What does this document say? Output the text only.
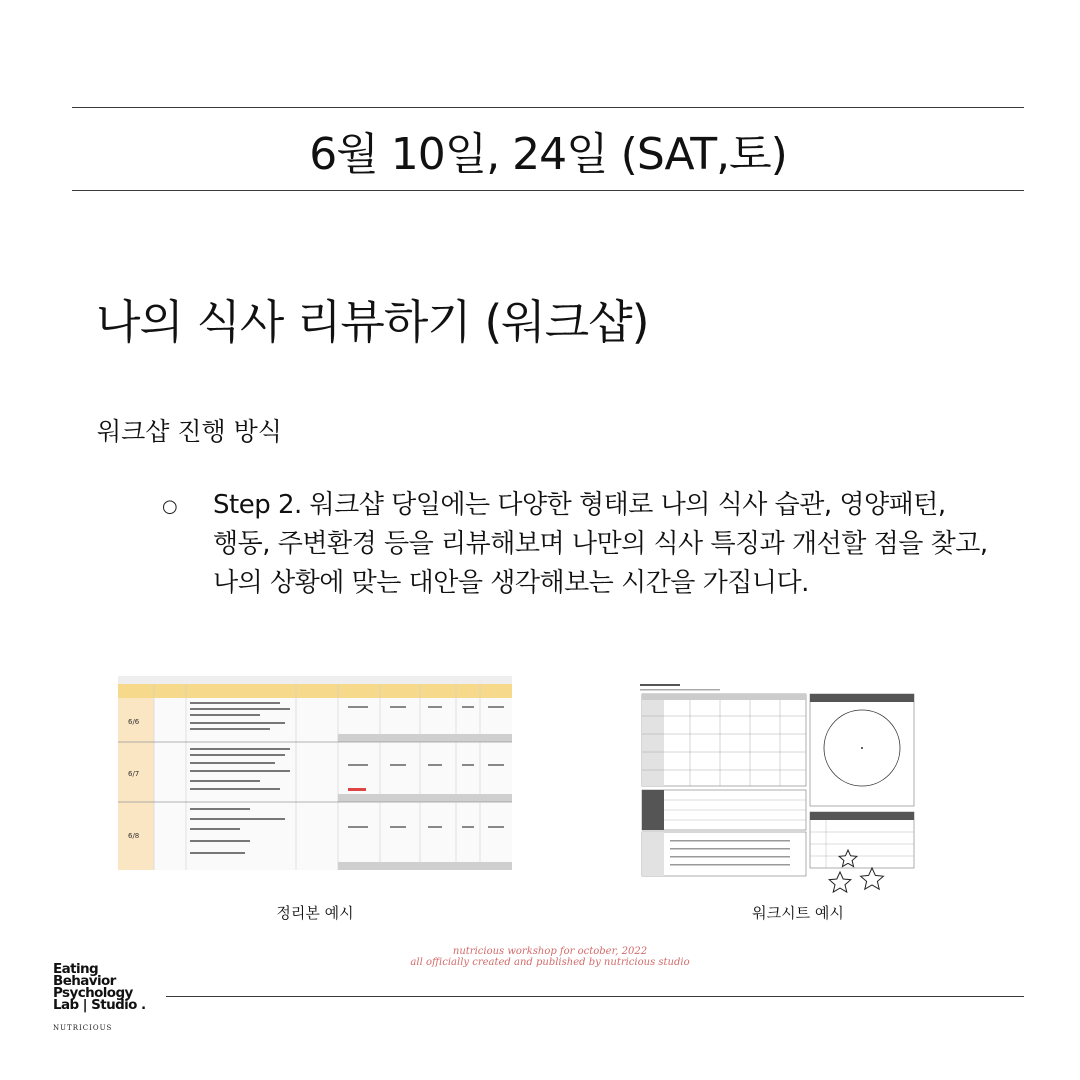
6월 10일, 24일 (SAT,토)
나의 식사 리뷰하기 (워크샵)
워크샵 진행 방식
○ Step 2. 워크샵 당일에는 다양한 형태로 나의 식사 습관, 영양패턴,
행동, 주변환경 등을 리뷰해보며 나만의 식사 특징과 개선할 점을 찾고,
나의 상황에 맞는 대안을 생각해보는 시간을 가집니다.
6/6
6/7
6/8
정리본 예시	워크시트 예시
nutricious workshop for october, 2022
all officially created and published by nutricious studio
Eating
Behavior
Psychology
Lab | Studio .
NUTRICIOUS
